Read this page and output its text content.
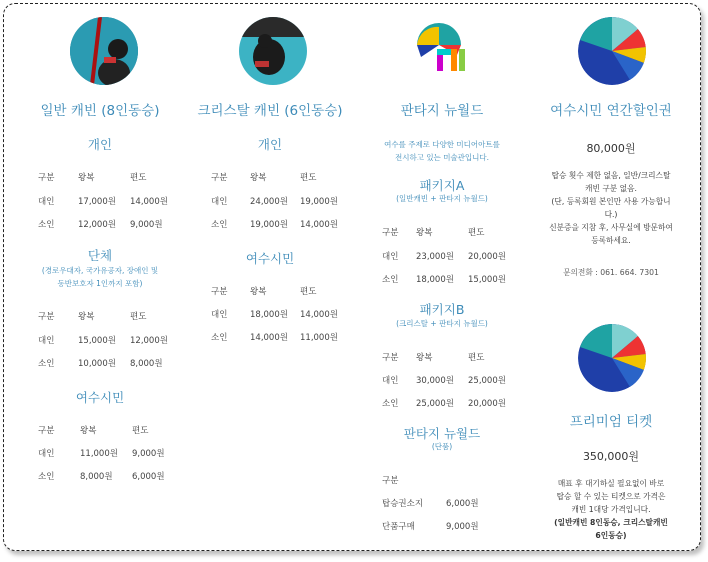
일반 캐빈 (8인동승)
개인
구분	왕복	편도
대인	17,000원 14,000원
소인	12,000원 9,000원
단체
(경로우대자, 국가유공자, 장애인 및
동반보호자 1인까지 포함)
구분	왕복	편도
대인	15,000원 12,000원
소인	10,000원 8,000원
여수시민
구분	왕복	편도
대인	11,000원 9,000원
소인	8,000원 6,000원
크리스탈 캐빈 (6인동승)
개인
구분	왕복	편도
대인	24,000원 19,000원
소인	19,000원 14,000원
여수시민
구분	왕복	편도
대인	18,000원 14,000원
소인	14,000원 11,000원
판타지 뉴월드
여수를 주제로 다양한 미디어아트를
전시하고 있는 미술관입니다.
패키지A
(일반캐빈 + 판타지 뉴월드)
구분 왕복	편도
대인 23,000원 20,000원
소인 18,000원 15,000원
패키지B
(크리스탈 + 판타지 뉴월드)
구분 왕복	편도
대인 30,000원 25,000원
소인 25,000원 20,000원
판타지 뉴월드
(단품)
구분
탑승권소지	6,000원
단품구매	9,000원
여수시민 연간할인권
80,000원
탑승 횟수 제한 없음, 일반/크리스탈
캐빈 구분 없음.
(단, 등록회원 본인만 사용 가능합니
다.)
신분증을 지참 후, 사무실에 방문하여
등록하세요.
문의전화 : 061. 664. 7301
프리미엄 티켓
350,000원
매표 후 대기하실 필요없이 바로
탑승 할 수 있는 티켓으로 가격은
캐빈 1대당 가격입니다.
(일반캐빈 8인동승, 크리스탈캐빈
6인동승)
